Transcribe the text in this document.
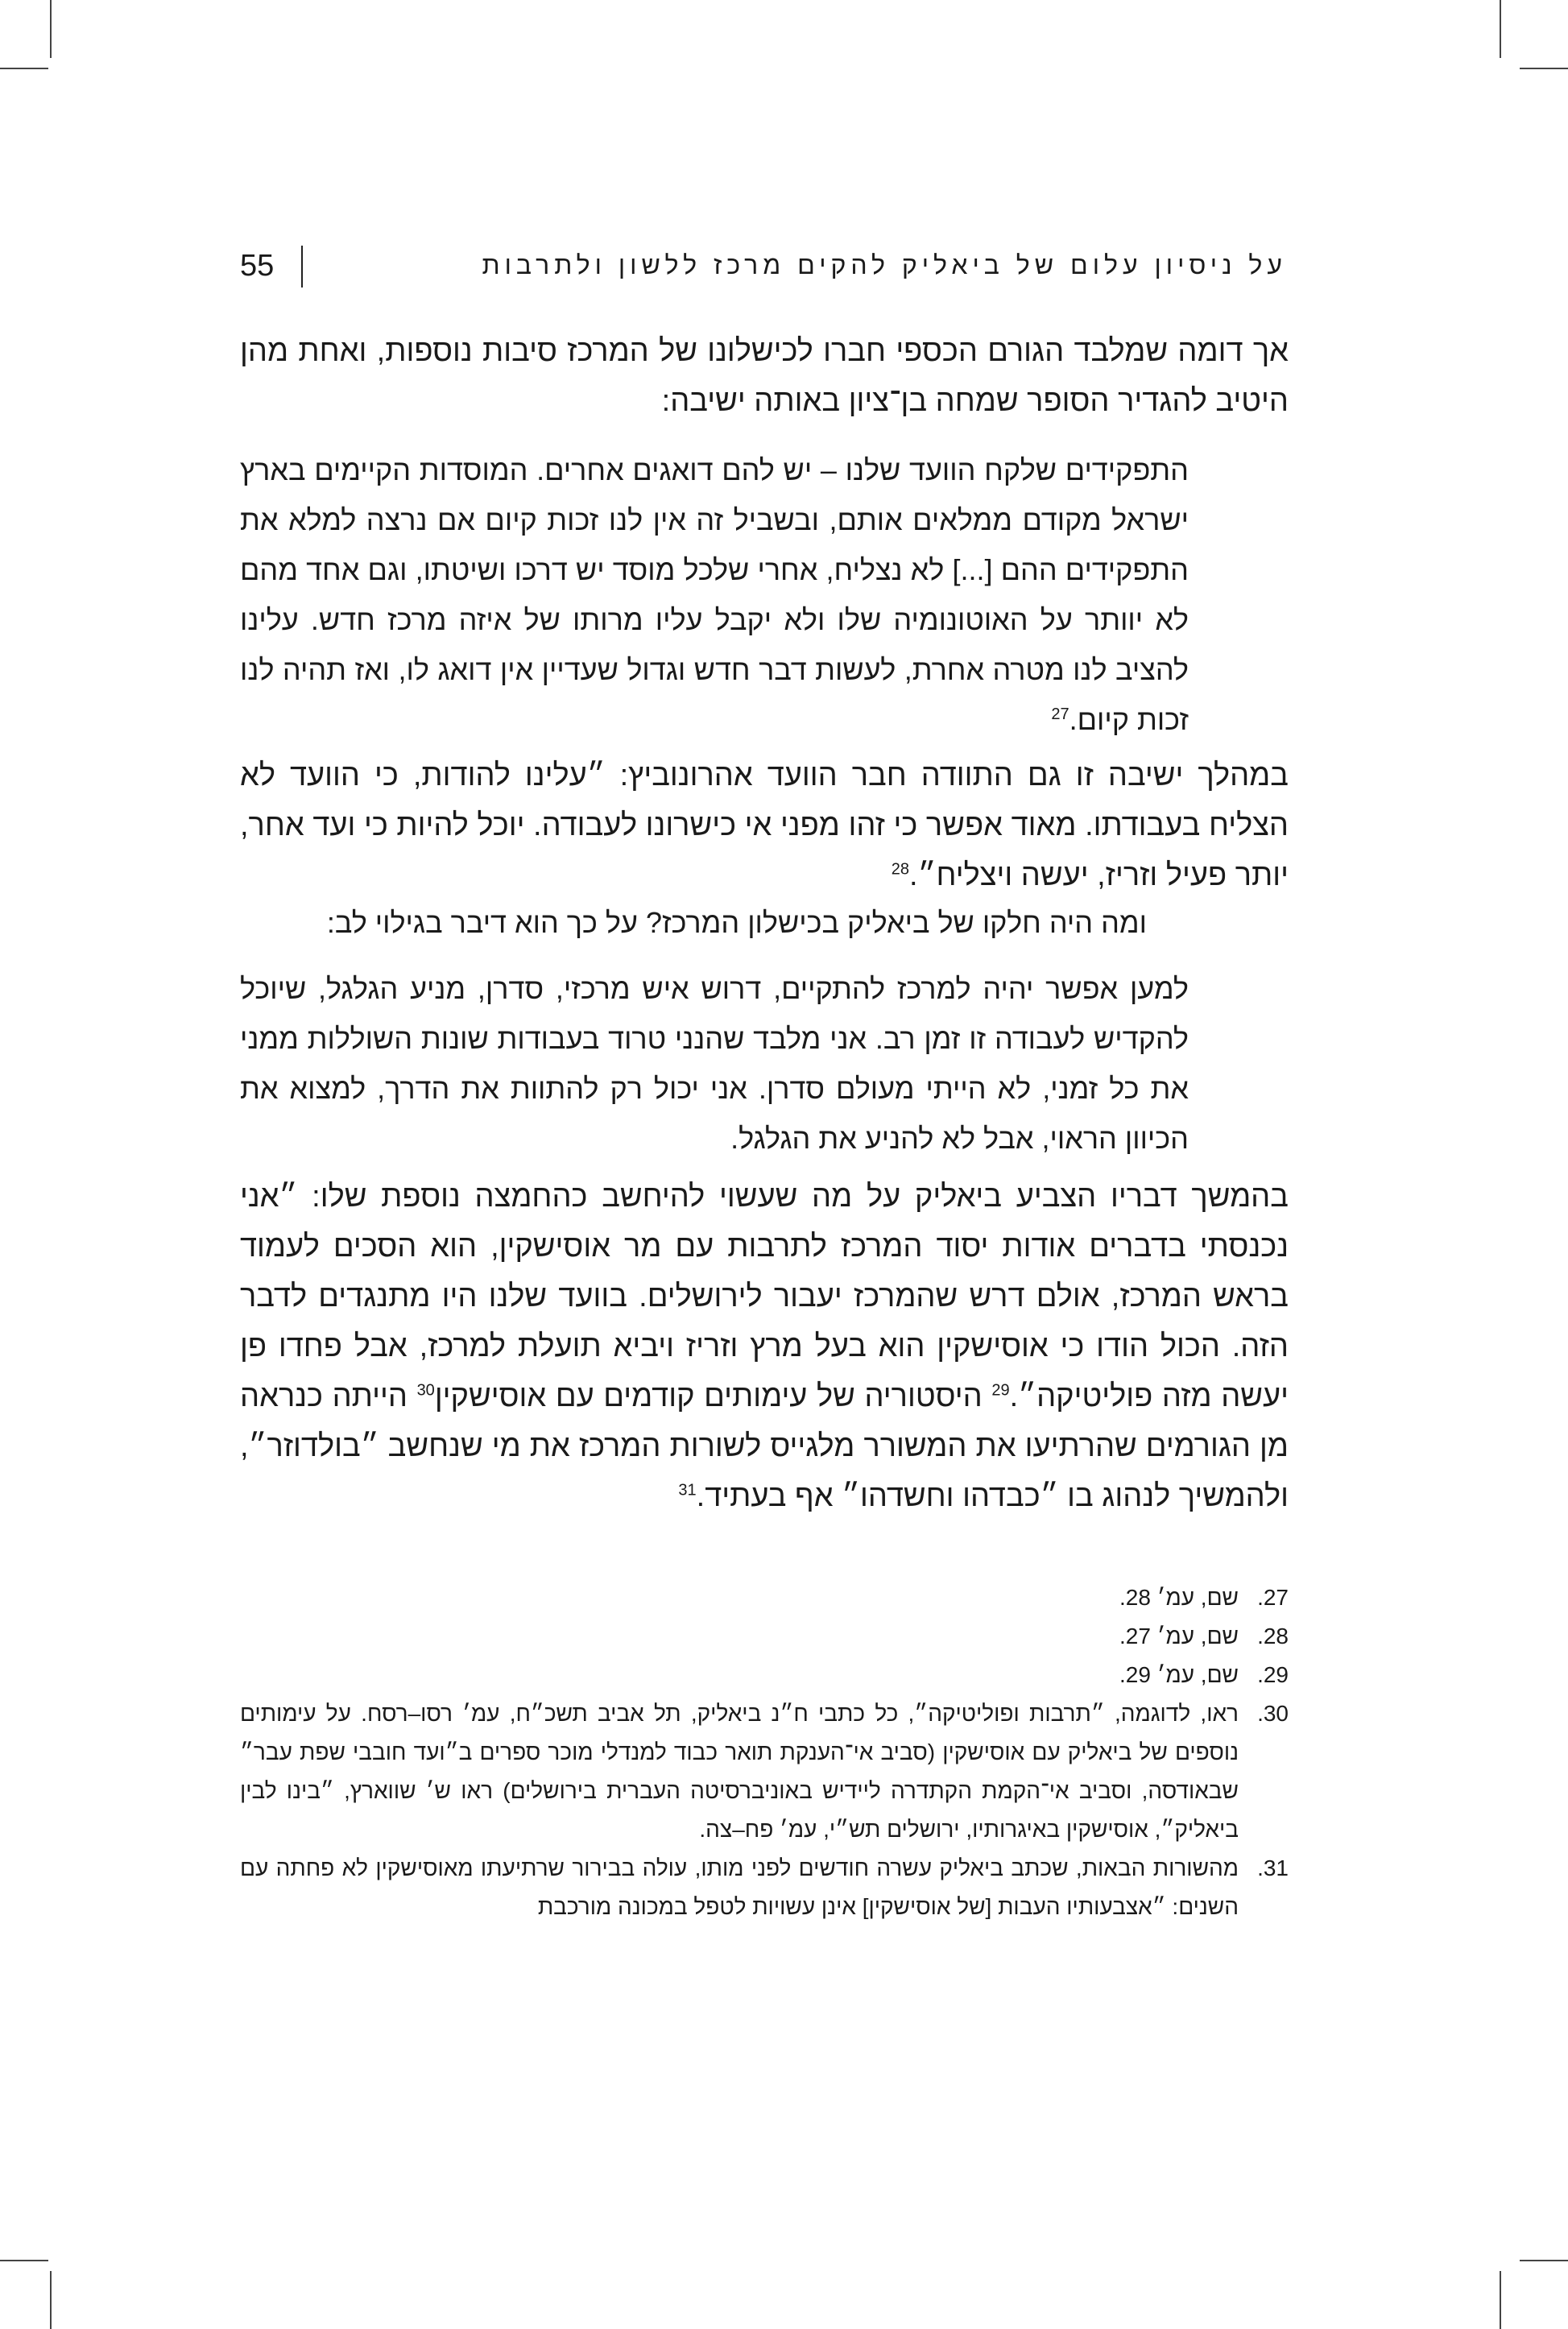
55	על ניסיון עלום של ביאליק להקים מרכז ללשון ולתרבות

אך דומה שמלבד הגורם הכספי חברו לכישלונו של המרכז סיבות נוספות, ואחת מהן היטיב להגדיר הסופר שמחה בן־ציון באותה ישיבה:

התפקידים שלקח הוועד שלנו – יש להם דואגים אחרים. המוסדות הקיימים בארץ ישראל מקודם ממלאים אותם, ובשביל זה אין לנו זכות קיום אם נרצה למלא את התפקידים ההם [...] לא נצליח, אחרי שלכל מוסד יש דרכו ושיטתו, וגם אחד מהם לא יוותר על האוטונומיה שלו ולא יקבל עליו מרותו של איזה מרכז חדש. עלינו להציב לנו מטרה אחרת, לעשות דבר חדש וגדול שעדיין אין דואג לו, ואז תהיה לנו זכות קיום.$^{27}$

במהלך ישיבה זו גם התוודה חבר הוועד אהרונוביץ: ״עלינו להודות, כי הוועד לא הצליח בעבודתו. מאוד אפשר כי זהו מפני אי כישרונו לעבודה. יוכל להיות כי ועד אחר, יותר פעיל וזריז, יעשה ויצליח״.$^{28}$

ומה היה חלקו של ביאליק בכישלון המרכז? על כך הוא דיבר בגילוי לב:

למען אפשר יהיה למרכז להתקיים, דרוש איש מרכזי, סדרן, מניע הגלגל, שיוכל להקדיש לעבודה זו זמן רב. אני מלבד שהנני טרוד בעבודות שונות השוללות ממני את כל זמני, לא הייתי מעולם סדרן. אני יכול רק להתוות את הדרך, למצוא את הכיוון הראוי, אבל לא להניע את הגלגל.

בהמשך דבריו הצביע ביאליק על מה שעשוי להיחשב כהחמצה נוספת שלו: ״אני נכנסתי בדברים אודות יסוד המרכז לתרבות עם מר אוסישקין, הוא הסכים לעמוד בראש המרכז, אולם דרש שהמרכז יעבור לירושלים. בוועד שלנו היו מתנגדים לדבר הזה. הכול הודו כי אוסישקין הוא בעל מרץ וזריז ויביא תועלת למרכז, אבל פחדו פן יעשה מזה פוליטיקה״.$^{29}$ היסטוריה של עימותים קודמים עם אוסישקין$^{30}$ הייתה כנראה מן הגורמים שהרתיעו את המשורר מלגייס לשורות המרכז את מי שנחשב ״בולדוזר״, ולהמשיך לנהוג בו ״כבדהו וחשדהו״ אף בעתיד.$^{31}$

27.
שם, עמ׳ 28.
28.
שם, עמ׳ 27.
29.
שם, עמ׳ 29.
30.
ראו, לדוגמה, ״תרבות ופוליטיקה״, כל כתבי ח״נ ביאליק, תל אביב תשכ״ח, עמ׳ רסו–רסח. על עימותים נוספים של ביאליק עם אוסישקין (סביב אי־הענקת תואר כבוד למנדלי מוכר ספרים ב״ועד חובבי שפת עבר״ שבאודסה, וסביב אי־הקמת הקתדרה ליידיש באוניברסיטה העברית בירושלים) ראו ש׳ שווארץ, ״בינו לבין ביאליק״, אוסישקין באיגרותיו, ירושלים תש״י, עמ׳ פח–צה.
31.
מהשורות הבאות, שכתב ביאליק עשרה חודשים לפני מותו, עולה בבירור שרתיעתו מאוסישקין לא פחתה עם השנים: ״אצבעותיו העבות [של אוסישקין] אינן עשויות לטפל במכונה מורכבת
